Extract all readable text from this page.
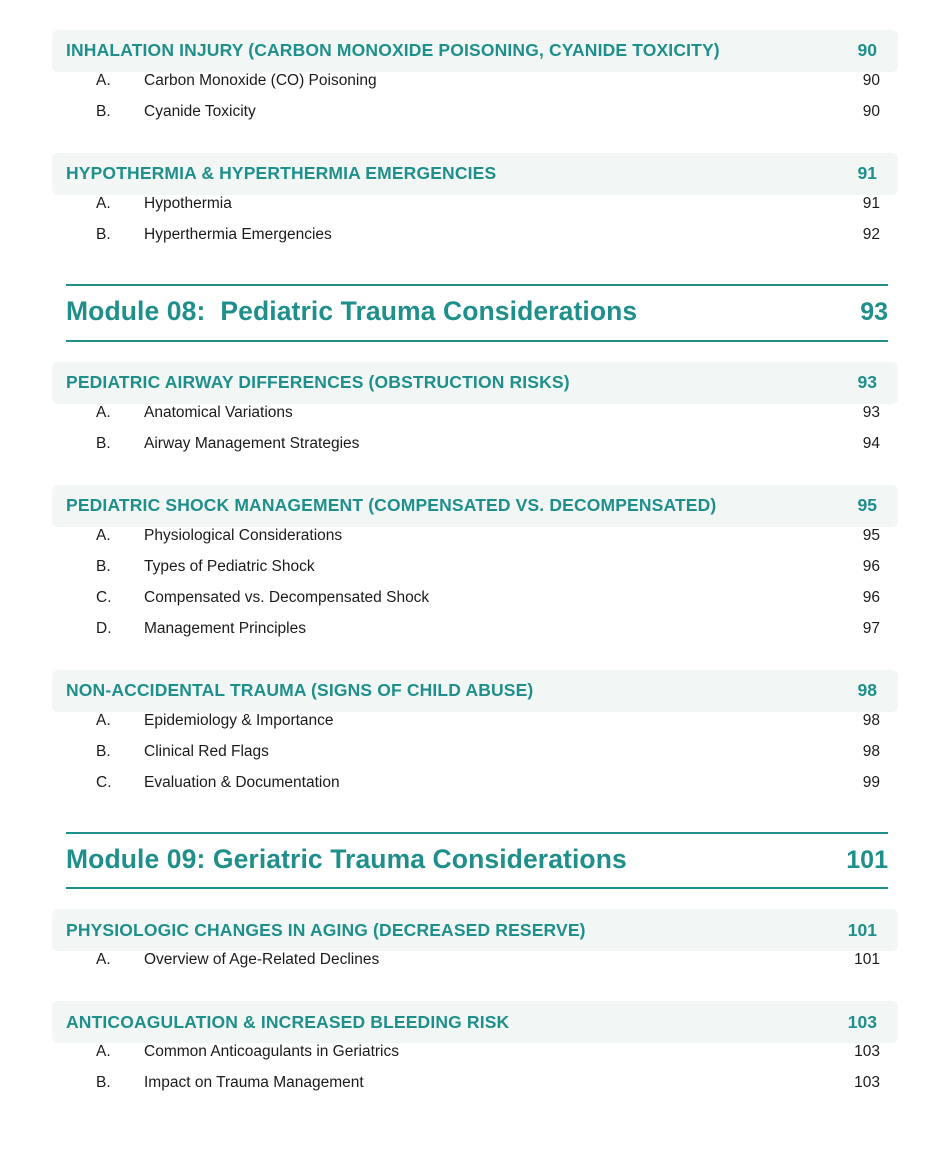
INHALATION INJURY (CARBON MONOXIDE POISONING, CYANIDE TOXICITY)	90
A.	Carbon Monoxide (CO) Poisoning	90
B.	Cyanide Toxicity	90
HYPOTHERMIA & HYPERTHERMIA EMERGENCIES	91
A.	Hypothermia	91
B.	Hyperthermia Emergencies	92
Module 08:  Pediatric Trauma Considerations	93
PEDIATRIC AIRWAY DIFFERENCES (OBSTRUCTION RISKS)	93
A.	Anatomical Variations	93
B.	Airway Management Strategies	94
PEDIATRIC SHOCK MANAGEMENT (COMPENSATED VS. DECOMPENSATED)	95
A.	Physiological Considerations	95
B.	Types of Pediatric Shock	96
C.	Compensated vs. Decompensated Shock	96
D.	Management Principles	97
NON-ACCIDENTAL TRAUMA (SIGNS OF CHILD ABUSE)	98
A.	Epidemiology & Importance	98
B.	Clinical Red Flags	98
C.	Evaluation & Documentation	99
Module 09: Geriatric Trauma Considerations	101
PHYSIOLOGIC CHANGES IN AGING (DECREASED RESERVE)	101
A.	Overview of Age-Related Declines	101
ANTICOAGULATION & INCREASED BLEEDING RISK	103
A.	Common Anticoagulants in Geriatrics	103
B.	Impact on Trauma Management	103
